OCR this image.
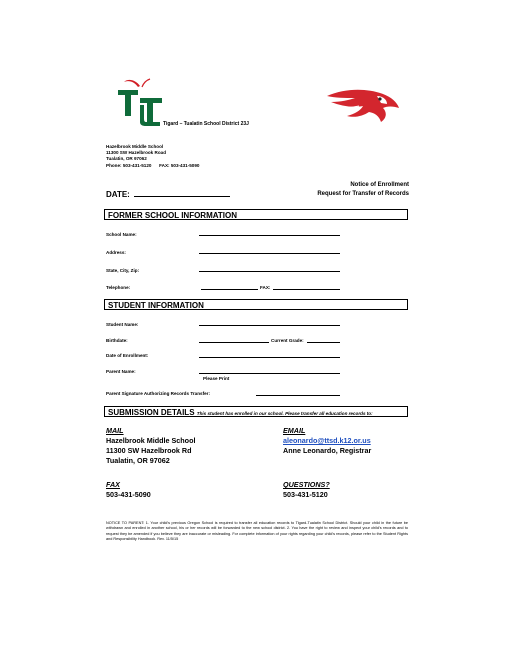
Tigard – Tualatin School District 23J
Hazelbrook Middle School
11300 SW Hazelbrook Road
Tualatin, OR 97062
Phone: 503-431-5120      FAX: 503-431-5090
Notice of Enrollment
Request for Transfer of Records
DATE:
FORMER SCHOOL INFORMATION
School Name:
Address:
State, City, Zip:
Telephone:	FAX:
STUDENT INFORMATION
Student Name:
Birthdate:	Current Grade:
Date of Enrollment:
Parent Name:
Please Print
Parent Signature Authorizing Records Transfer:
SUBMISSION DETAILS This student has enrolled in our school. Please transfer all education records to:
MAIL
Hazelbrook Middle School
11300 SW Hazelbrook Rd
Tualatin, OR 97062
EMAIL
aleonardo@ttsd.k12.or.us
Anne Leonardo, Registrar
FAX
503-431-5090
QUESTIONS?
503-431-5120
NOTICE TO PARENT: 1. Your child's previous Oregon School is required to transfer all education records to Tigard-Tualatin School District. Should your child in the future be withdrawn and enrolled in another school, his or her records will be forwarded to the new school district. 2. You have the right to review and inspect your child's records and to request they be amended if you believe they are inaccurate or misleading. For complete information of your rights regarding your child's records, please refer to the Student Rights and Responsibility Handbook. Rev. 11/5/15
